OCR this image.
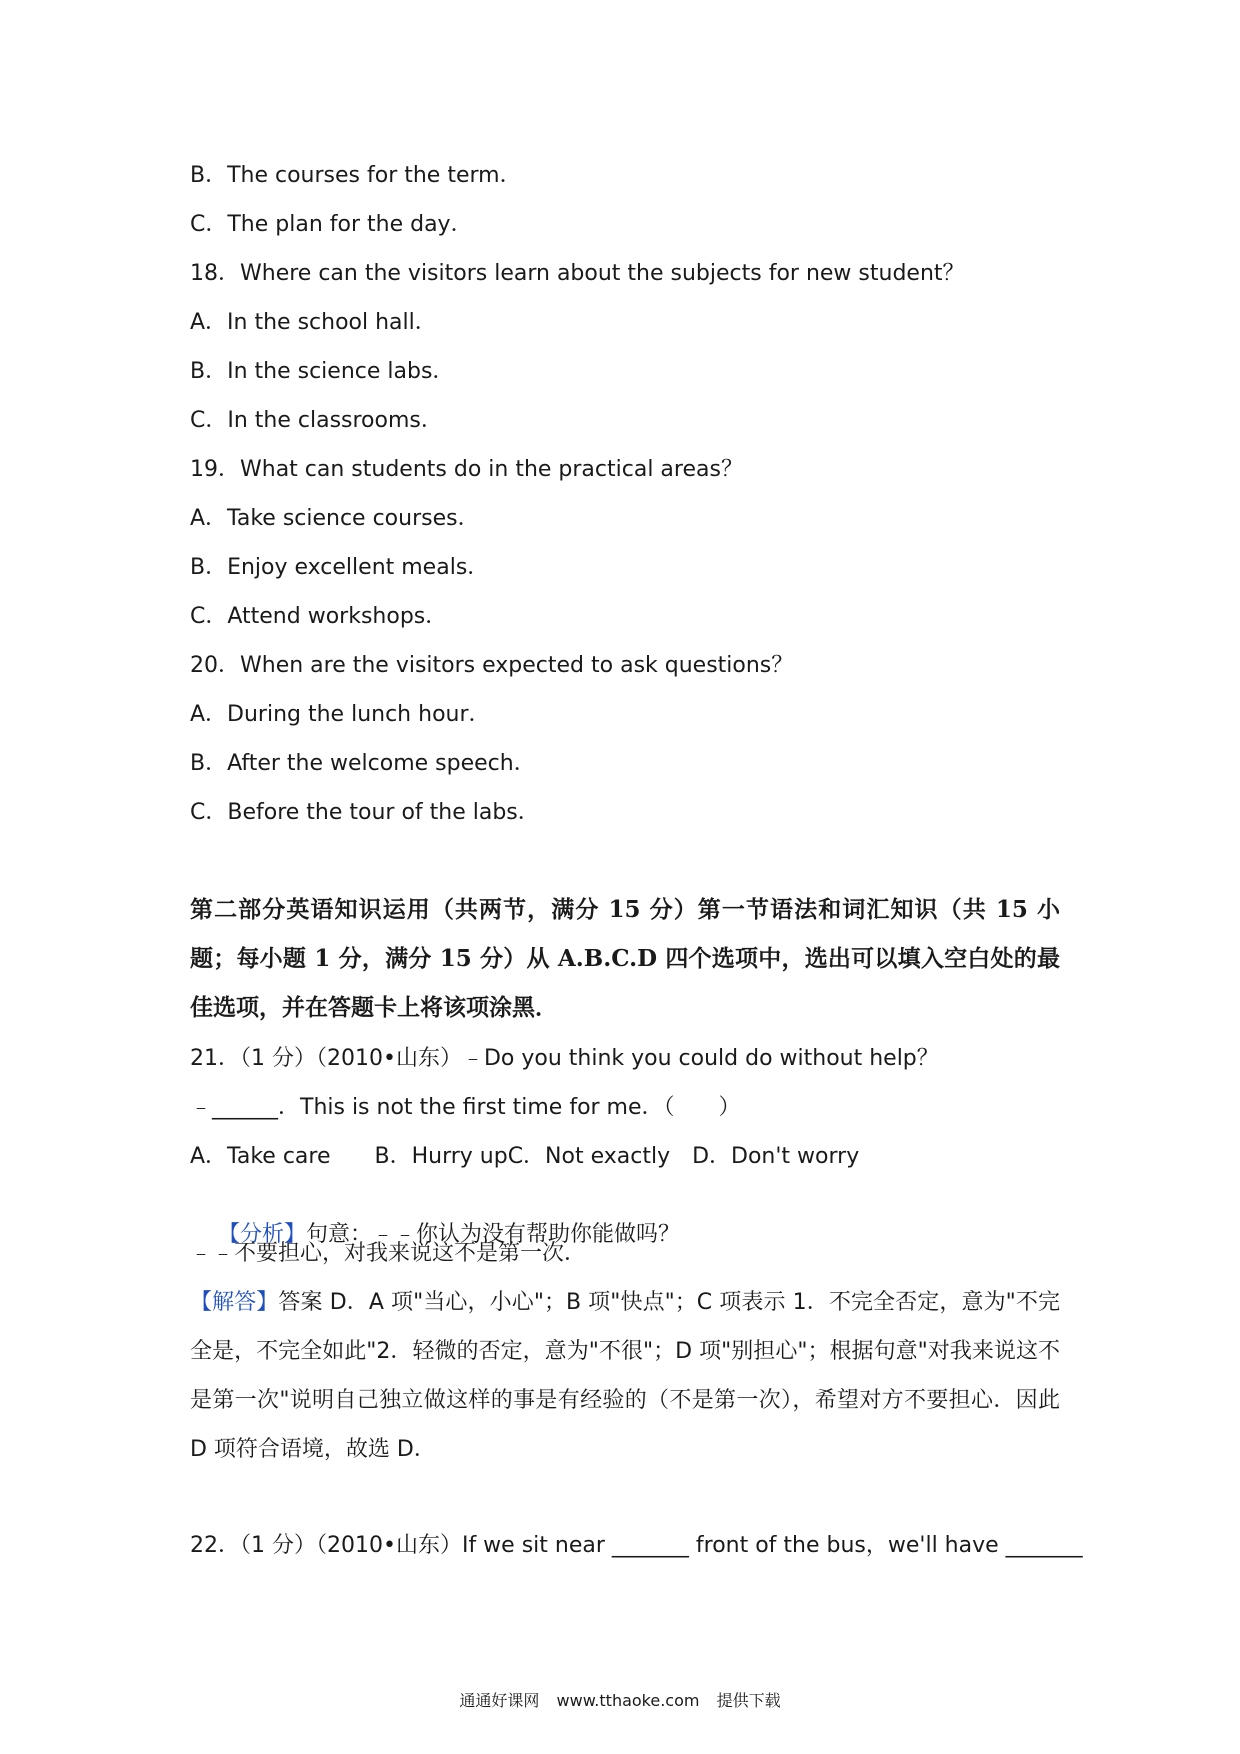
B．The courses for the term．
C．The plan for the day．
18．Where can the visitors learn about the subjects for new student？
A．In the school hall．
B．In the science labs．
C．In the classrooms．
19．What can students do in the practical areas？
A．Take science courses．
B．Enjoy excellent meals．
C．Attend workshops．
20．When are the visitors expected to ask questions？
A．During the lunch hour．
B．After the welcome speech．
C．Before the tour of the labs．
第二部分英语知识运用（共两节，满分 15 分）第一节语法和词汇知识（共 15 小题；每小题 1 分，满分 15 分）从 A.B.C.D 四个选项中，选出可以填入空白处的最佳选项，并在答题卡上将该项涂黑．
21．（1 分）（2010•山东）﹣Do you think you could do without help？
﹣______．This is not the first time for me．（　　）
A．Take care　　B．Hurry upC．Not exactly　D．Don't worry

【分析】句意：﹣﹣你认为没有帮助你能做吗？

﹣﹣不要担心，对我来说这不是第一次．
【解答】答案 D．A 项"当心，小心"；B 项"快点"；C 项表示 1．不完全否定，意为"不完全是，不完全如此"2．轻微的否定，意为"不很"；D 项"别担心"；根据句意"对我来说这不是第一次"说明自己独立做这样的事是有经验的（不是第一次），希望对方不要担心．因此 D 项符合语境，故选 D．
22．（1 分）（2010•山东）If we sit near _______ front of the bus，we'll have _______
通通好课网 www.tthaoke.com 提供下载
